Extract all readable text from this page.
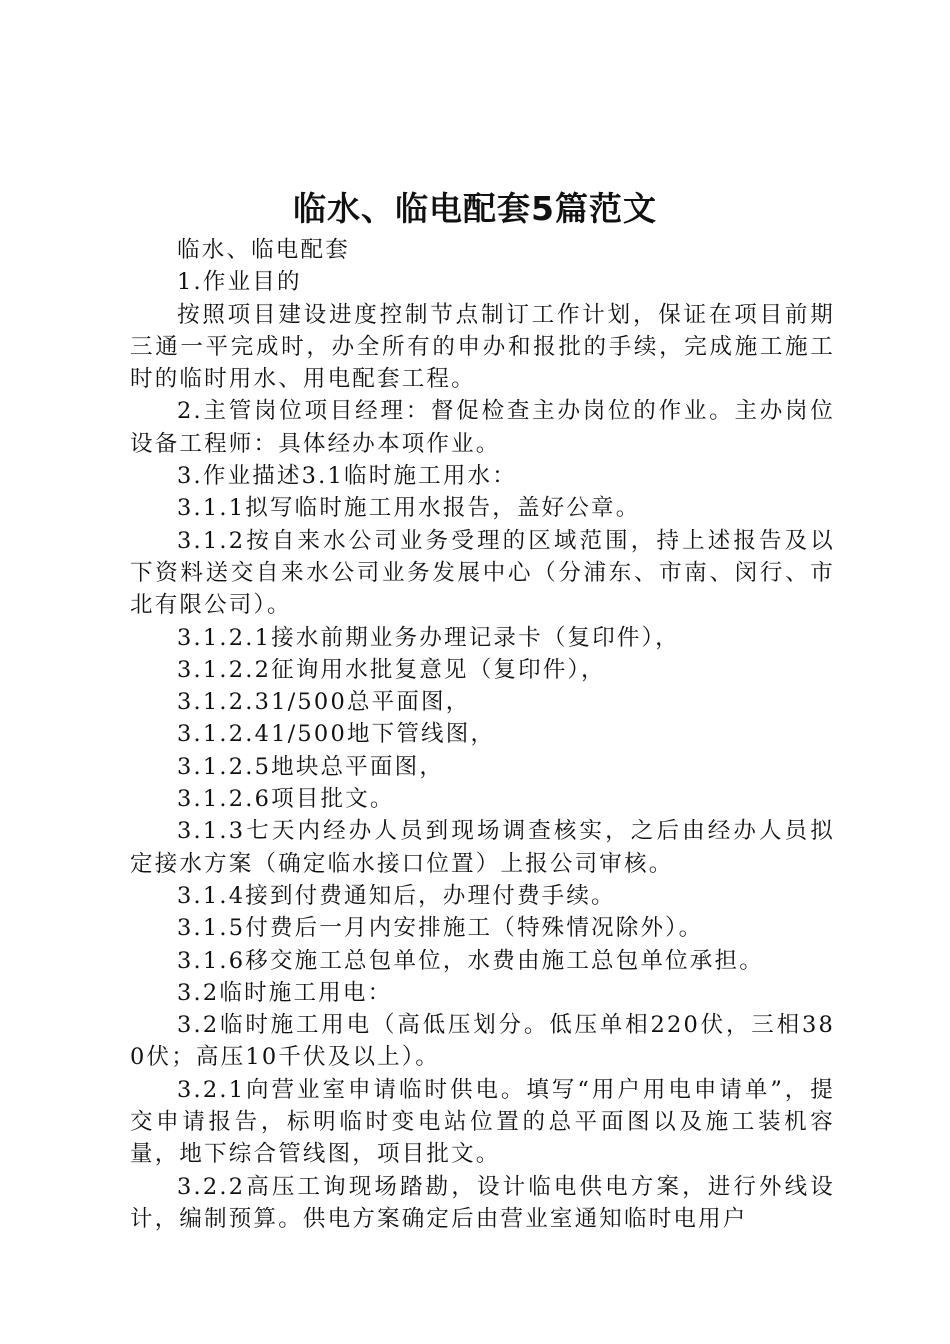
临水、临电配套5篇范文

临水、临电配套

1.作业目的

按照项目建设进度控制节点制订工作计划，保证在项目前期三通一平完成时，办全所有的申办和报批的手续，完成施工施工时的临时用水、用电配套工程。

2.主管岗位项目经理：督促检查主办岗位的作业。主办岗位设备工程师：具体经办本项作业。

3.作业描述3.1临时施工用水：

3.1.1拟写临时施工用水报告，盖好公章。

3.1.2按自来水公司业务受理的区域范围，持上述报告及以下资料送交自来水公司业务发展中心（分浦东、市南、闵行、市北有限公司）。

3.1.2.1接水前期业务办理记录卡（复印件），

3.1.2.2征询用水批复意见（复印件），

3.1.2.31/500总平面图，

3.1.2.41/500地下管线图，

3.1.2.5地块总平面图，

3.1.2.6项目批文。

3.1.3七天内经办人员到现场调查核实，之后由经办人员拟定接水方案（确定临水接口位置）上报公司审核。

3.1.4接到付费通知后，办理付费手续。

3.1.5付费后一月内安排施工（特殊情况除外）。

3.1.6移交施工总包单位，水费由施工总包单位承担。

3.2临时施工用电：

3.2临时施工用电（高低压划分。低压单相220伏，三相380伏；高压10千伏及以上）。

3.2.1向营业室申请临时供电。填写“用户用电申请单”，提交申请报告，标明临时变电站位置的总平面图以及施工装机容量，地下综合管线图，项目批文。

3.2.2高压工询现场踏勘，设计临电供电方案，进行外线设计，编制预算。供电方案确定后由营业室通知临时电用户
